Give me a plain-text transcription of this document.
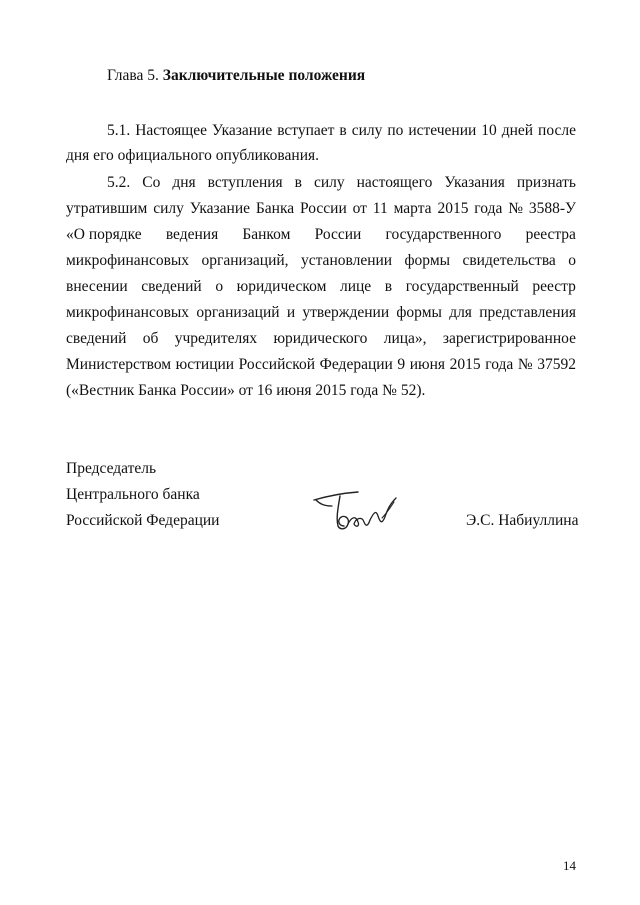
Глава 5. Заключительные положения
5.1. Настоящее Указание вступает в силу по истечении 10 дней после
дня его официального опубликования.
5.2. Со дня вступления в силу настоящего Указания признать
утратившим силу Указание Банка России от 11 марта 2015 года № 3588-У
«О порядке ведения Банком России государственного реестра
микрофинансовых организаций, установлении формы свидетельства о
внесении сведений о юридическом лице в государственный реестр
микрофинансовых организаций и утверждении формы для представления
сведений об учредителях юридического лица», зарегистрированное
Министерством юстиции Российской Федерации 9 июня 2015 года № 37592
(«Вестник Банка России» от 16 июня 2015 года № 52).
Председатель
Центрального банка
Российской Федерации	Э.С. Набиуллина
14
